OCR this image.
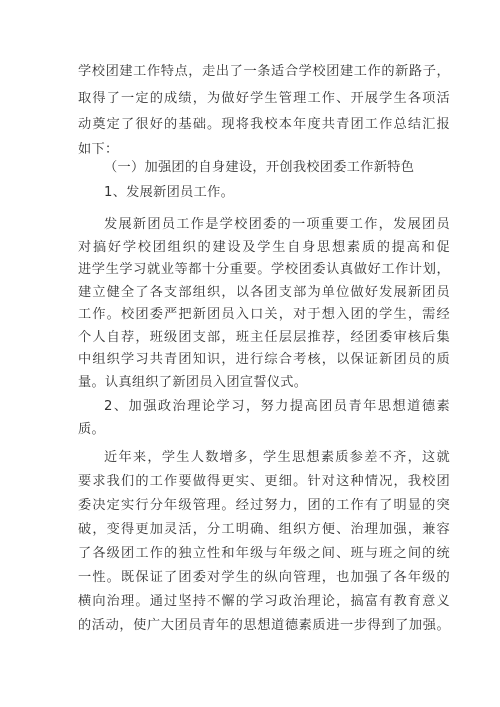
学校团建工作特点，走出了一条适合学校团建工作的新路子，
取得了一定的成绩，为做好学生管理工作、开展学生各项活
动奠定了很好的基础。现将我校本年度共青团工作总结汇报
如下：
（一）加强团的自身建设，开创我校团委工作新特色
1、发展新团员工作。
发展新团员工作是学校团委的一项重要工作，发展团员
对搞好学校团组织的建设及学生自身思想素质的提高和促
进学生学习就业等都十分重要。学校团委认真做好工作计划，
建立健全了各支部组织，以各团支部为单位做好发展新团员
工作。校团委严把新团员入口关，对于想入团的学生，需经
个人自荐，班级团支部，班主任层层推荐，经团委审核后集
中组织学习共青团知识，进行综合考核，以保证新团员的质
量。认真组织了新团员入团宣誓仪式。
2、加强政治理论学习，努力提高团员青年思想道德素
质。
近年来，学生人数增多，学生思想素质参差不齐，这就
要求我们的工作要做得更实、更细。针对这种情况，我校团
委决定实行分年级管理。经过努力，团的工作有了明显的突
破，变得更加灵活，分工明确、组织方便、治理加强，兼容
了各级团工作的独立性和年级与年级之间、班与班之间的统
一性。既保证了团委对学生的纵向管理，也加强了各年级的
横向治理。通过坚持不懈的学习政治理论，搞富有教育意义
的活动，使广大团员青年的思想道德素质进一步得到了加强。
